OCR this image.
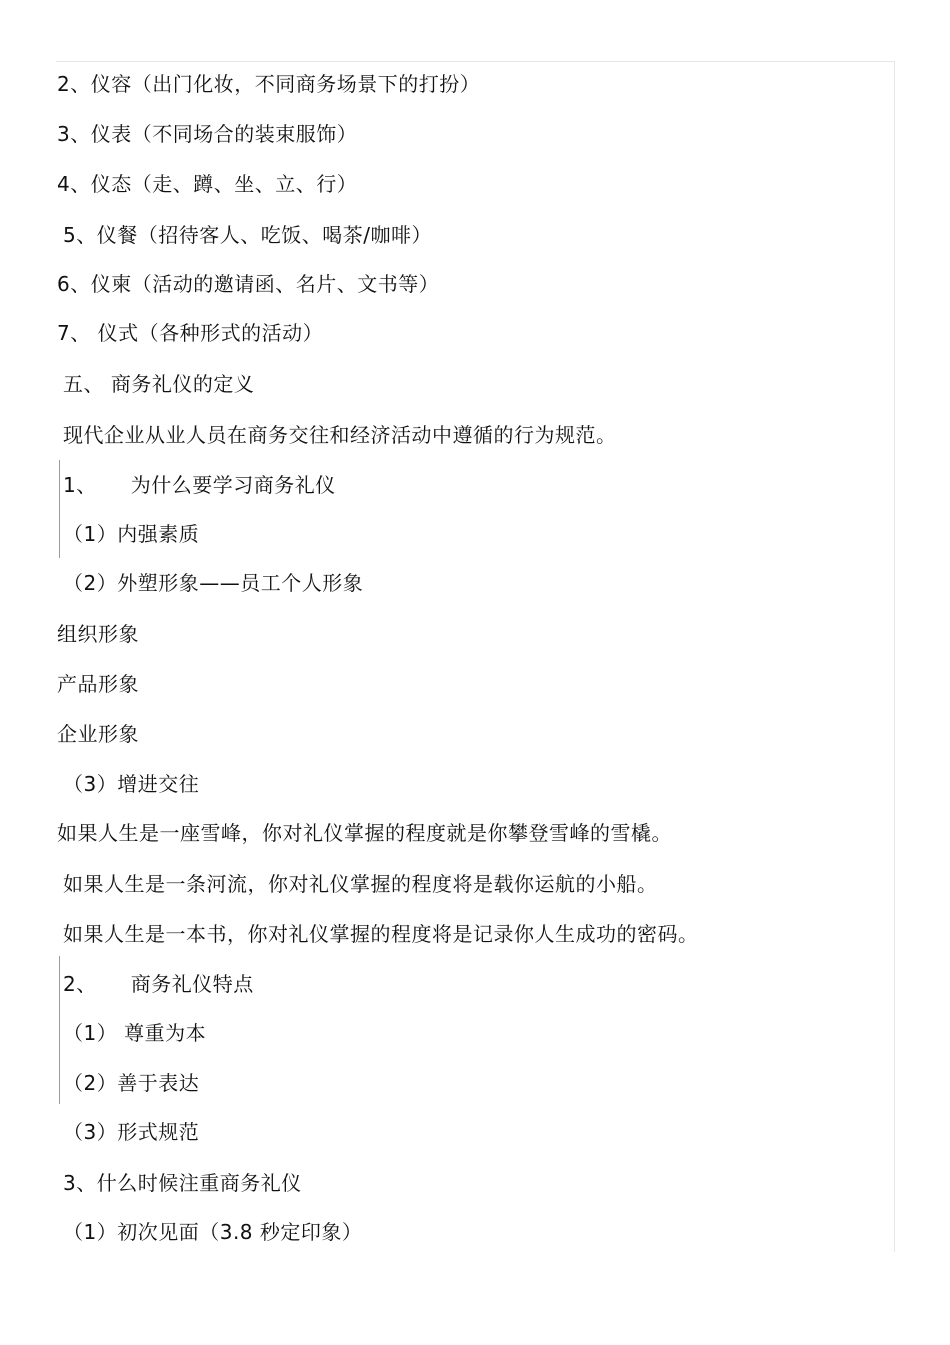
2、仪容（出门化妆，不同商务场景下的打扮）
3、仪表（不同场合的装束服饰）
4、仪态（走、蹲、坐、立、行）
5、仪餐（招待客人、吃饭、喝茶/咖啡）
6、仪柬（活动的邀请函、名片、文书等）
7、 仪式（各种形式的活动）
五、 商务礼仪的定义
现代企业从业人员在商务交往和经济活动中遵循的行为规范。
1、 为什么要学习商务礼仪
（1）内强素质
（2）外塑形象——员工个人形象
组织形象
产品形象
企业形象
（3）增进交往
如果人生是一座雪峰，你对礼仪掌握的程度就是你攀登雪峰的雪橇。
如果人生是一条河流，你对礼仪掌握的程度将是载你运航的小船。
如果人生是一本书，你对礼仪掌握的程度将是记录你人生成功的密码。
2、 商务礼仪特点
（1） 尊重为本
（2）善于表达
（3）形式规范
3、什么时候注重商务礼仪
（1）初次见面（3.8 秒定印象）
